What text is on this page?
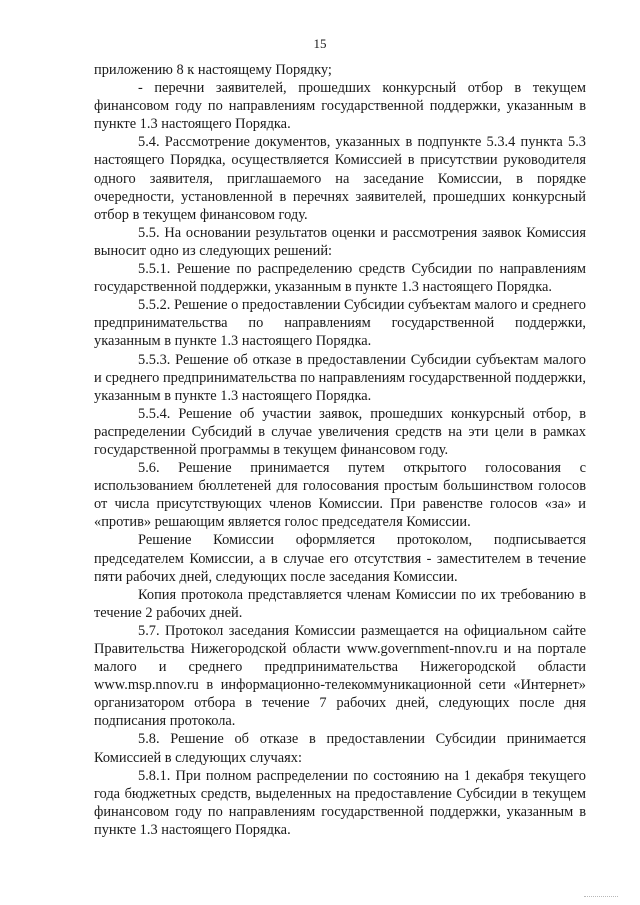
15

приложению 8 к настоящему Порядку;

- перечни заявителей, прошедших конкурсный отбор в текущем финансовом году по направлениям государственной поддержки, указанным в пункте 1.3 настоящего Порядка.

5.4. Рассмотрение документов, указанных в подпункте 5.3.4 пункта 5.3 настоящего Порядка, осуществляется Комиссией в присутствии руководителя одного заявителя, приглашаемого на заседание Комиссии, в порядке очередности, установленной в перечнях заявителей, прошедших конкурсный отбор в текущем финансовом году.

5.5. На основании результатов оценки и рассмотрения заявок Комиссия выносит одно из следующих решений:

5.5.1. Решение по распределению средств Субсидии по направлениям государственной поддержки, указанным в пункте 1.3 настоящего Порядка.

5.5.2. Решение о предоставлении Субсидии субъектам малого и среднего предпринимательства по направлениям государственной поддержки, указанным в пункте 1.3 настоящего Порядка.

5.5.3. Решение об отказе в предоставлении Субсидии субъектам малого и среднего предпринимательства по направлениям государственной поддержки, указанным в пункте 1.3 настоящего Порядка.

5.5.4. Решение об участии заявок, прошедших конкурсный отбор, в распределении Субсидий в случае увеличения средств на эти цели в рамках государственной программы в текущем финансовом году.

5.6. Решение принимается путем открытого голосования с использованием бюллетеней для голосования простым большинством голосов от числа присутствующих членов Комиссии. При равенстве голосов «за» и «против» решающим является голос председателя Комиссии.

Решение Комиссии оформляется протоколом, подписывается председателем Комиссии, а в случае его отсутствия - заместителем в течение пяти рабочих дней, следующих после заседания Комиссии.

Копия протокола представляется членам Комиссии по их требованию в течение 2 рабочих дней.

5.7. Протокол заседания Комиссии размещается на официальном сайте Правительства Нижегородской области www.government-nnov.ru и на портале малого и среднего предпринимательства Нижегородской области www.msp.nnov.ru в информационно-телекоммуникационной сети «Интернет» организатором отбора в течение 7 рабочих дней, следующих после дня подписания протокола.

5.8. Решение об отказе в предоставлении Субсидии принимается Комиссией в следующих случаях:

5.8.1. При полном распределении по состоянию на 1 декабря текущего года бюджетных средств, выделенных на предоставление Субсидии в текущем финансовом году по направлениям государственной поддержки, указанным в пункте 1.3 настоящего Порядка.
